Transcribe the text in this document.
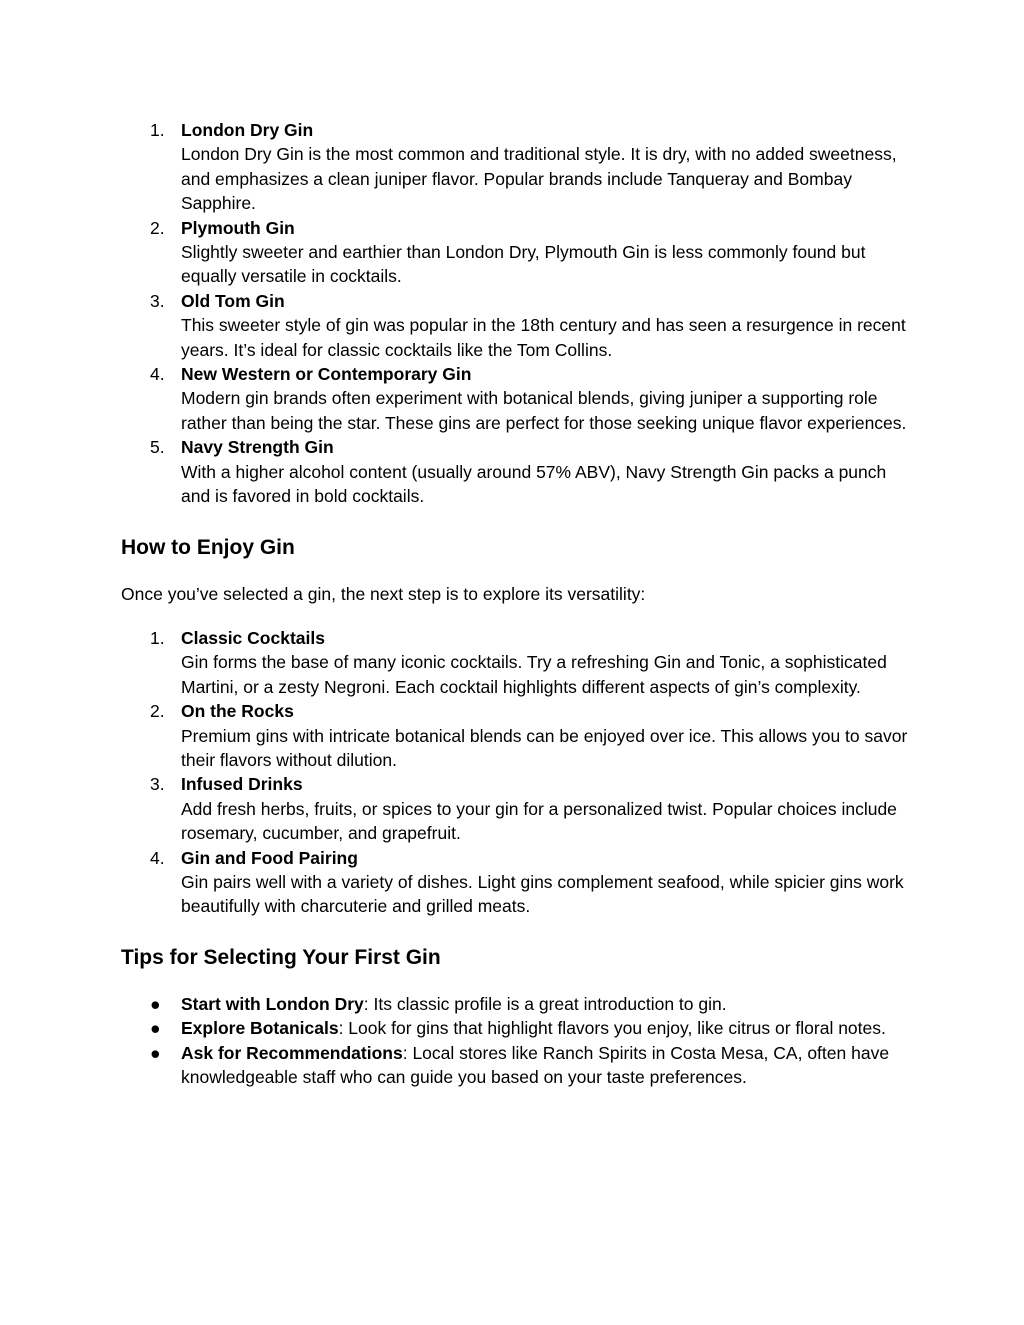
1. London Dry Gin
London Dry Gin is the most common and traditional style. It is dry, with no added sweetness, and emphasizes a clean juniper flavor. Popular brands include Tanqueray and Bombay Sapphire.
2. Plymouth Gin
Slightly sweeter and earthier than London Dry, Plymouth Gin is less commonly found but equally versatile in cocktails.
3. Old Tom Gin
This sweeter style of gin was popular in the 18th century and has seen a resurgence in recent years. It’s ideal for classic cocktails like the Tom Collins.
4. New Western or Contemporary Gin
Modern gin brands often experiment with botanical blends, giving juniper a supporting role rather than being the star. These gins are perfect for those seeking unique flavor experiences.
5. Navy Strength Gin
With a higher alcohol content (usually around 57% ABV), Navy Strength Gin packs a punch and is favored in bold cocktails.
How to Enjoy Gin

Once you’ve selected a gin, the next step is to explore its versatility:

1. Classic Cocktails
Gin forms the base of many iconic cocktails. Try a refreshing Gin and Tonic, a sophisticated Martini, or a zesty Negroni. Each cocktail highlights different aspects of gin’s complexity.
2. On the Rocks
Premium gins with intricate botanical blends can be enjoyed over ice. This allows you to savor their flavors without dilution.
3. Infused Drinks
Add fresh herbs, fruits, or spices to your gin for a personalized twist. Popular choices include rosemary, cucumber, and grapefruit.
4. Gin and Food Pairing
Gin pairs well with a variety of dishes. Light gins complement seafood, while spicier gins work beautifully with charcuterie and grilled meats.
Tips for Selecting Your First Gin
● Start with London Dry: Its classic profile is a great introduction to gin.
● Explore Botanicals: Look for gins that highlight flavors you enjoy, like citrus or floral notes.
● Ask for Recommendations: Local stores like Ranch Spirits in Costa Mesa, CA, often have knowledgeable staff who can guide you based on your taste preferences.
